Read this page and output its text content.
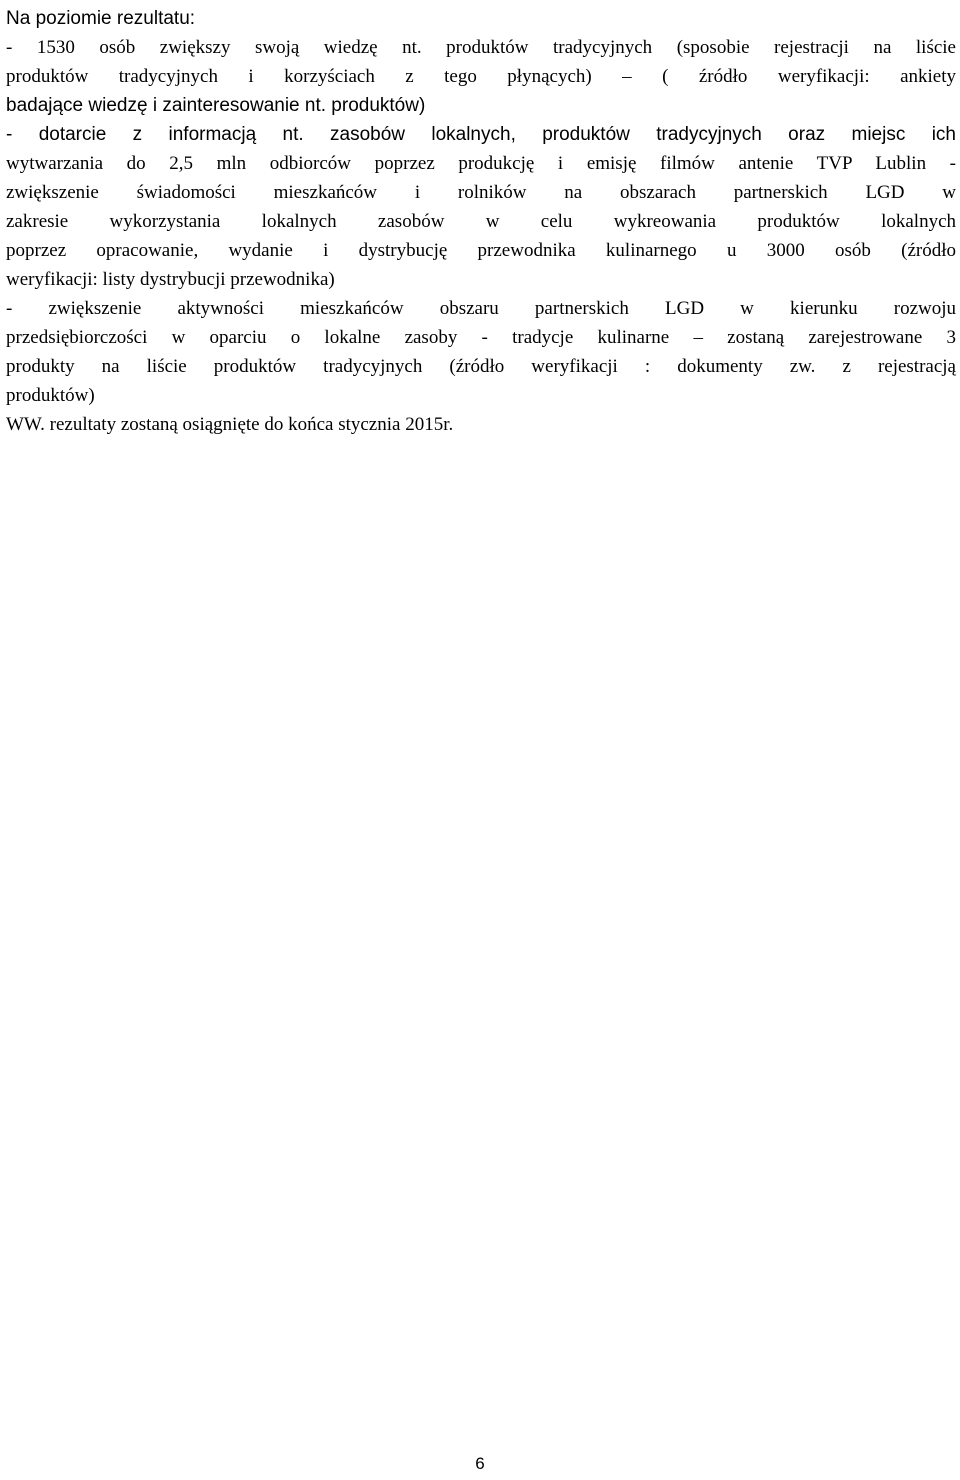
Na poziomie rezultatu:
- 1530 osób zwiększy swoją wiedzę nt. produktów tradycyjnych (sposobie rejestracji na liście
produktów tradycyjnych i korzyściach z tego płynących) – ( źródło weryfikacji: ankiety
badające wiedzę i zainteresowanie nt. produktów)
- dotarcie z informacją nt. zasobów lokalnych, produktów tradycyjnych oraz miejsc ich
wytwarzania do 2,5 mln odbiorców poprzez produkcję i emisję filmów antenie TVP Lublin -
zwiększenie świadomości mieszkańców i rolników na obszarach partnerskich LGD w
zakresie wykorzystania lokalnych zasobów w celu wykreowania produktów lokalnych
poprzez opracowanie, wydanie i dystrybucję przewodnika kulinarnego u 3000 osób (źródło
weryfikacji: listy dystrybucji przewodnika)
- zwiększenie aktywności mieszkańców obszaru partnerskich LGD w kierunku rozwoju
przedsiębiorczości w oparciu o lokalne zasoby - tradycje kulinarne – zostaną zarejestrowane 3
produkty na liście produktów tradycyjnych (źródło weryfikacji : dokumenty zw. z rejestracją
produktów)
WW. rezultaty zostaną osiągnięte do końca stycznia 2015r.
6
